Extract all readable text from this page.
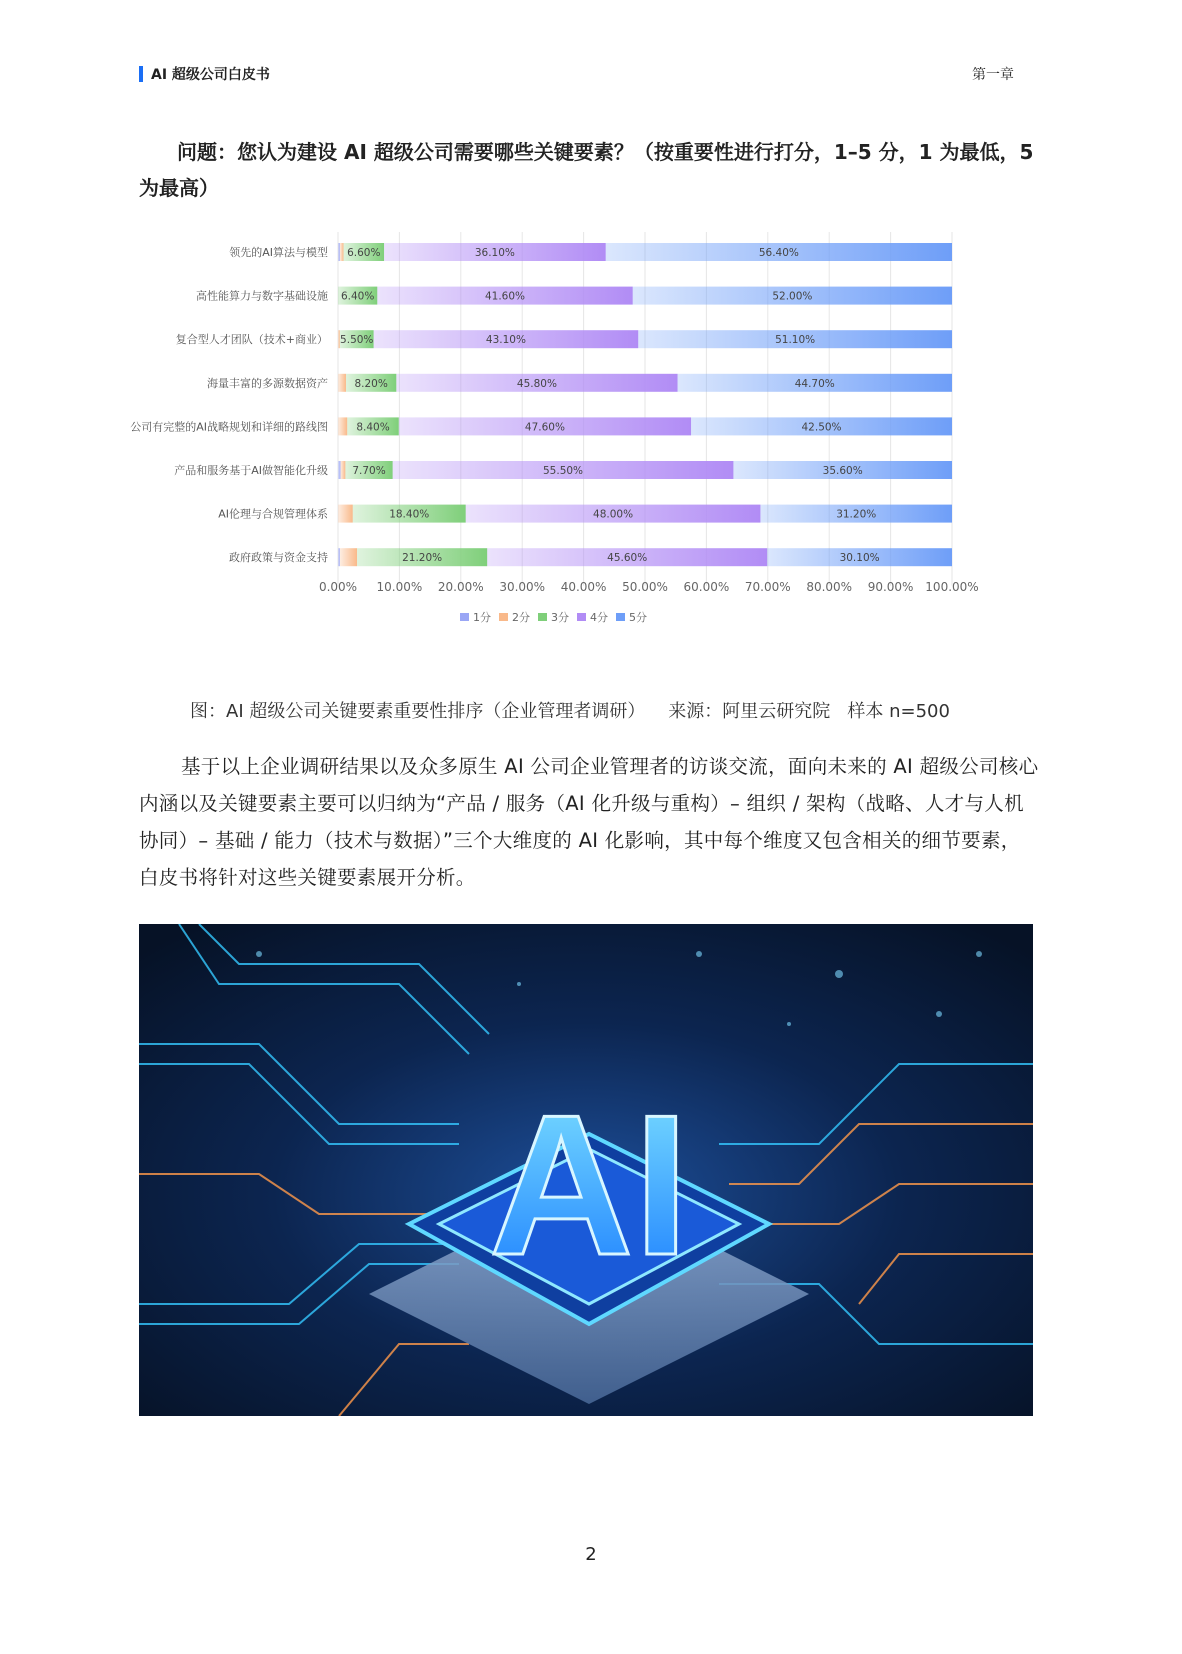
AI 超级公司白皮书	第一章
问题：您认为建设 AI 超级公司需要哪些关键要素？（按重要性进行打分，1–5 分，1 为最低，5 为最高）
0.00% 10.00% 20.00% 30.00% 40.00% 50.00% 60.00% 70.00% 80.00% 90.00% 100.00%
领先的AI算法与模型 6.60%	36.10%	56.40%
高性能算力与数字基础设施 6.40%	41.60%	52.00%
复合型人才团队（技术+商业） 5.50%	43.10%	51.10%
海量丰富的多源数据资产	8.20%	45.80%	44.70%
公司有完整的AI战略规划和详细的路线图	8.40%	47.60%	42.50%
产品和服务基于AI做智能化升级 7.70%	55.50%	35.60%
AI伦理与合规管理体系	18.40%	48.00%	31.20%
政府政策与资金支持	21.20%	45.60%	30.10%
1分 2分 3分 4分 5分
图：AI 超级公司关键要素重要性排序（企业管理者调研）    来源：阿里云研究院   样本 n=500
基于以上企业调研结果以及众多原生 AI 公司企业管理者的访谈交流，面向未来的 AI 超级公司核心内涵以及关键要素主要可以归纳为“产品 / 服务（AI 化升级与重构）– 组织 / 架构（战略、人才与人机协同）– 基础 / 能力（技术与数据）”三个大维度的 AI 化影响，其中每个维度又包含相关的细节要素，白皮书将针对这些关键要素展开分析。
AI
2
